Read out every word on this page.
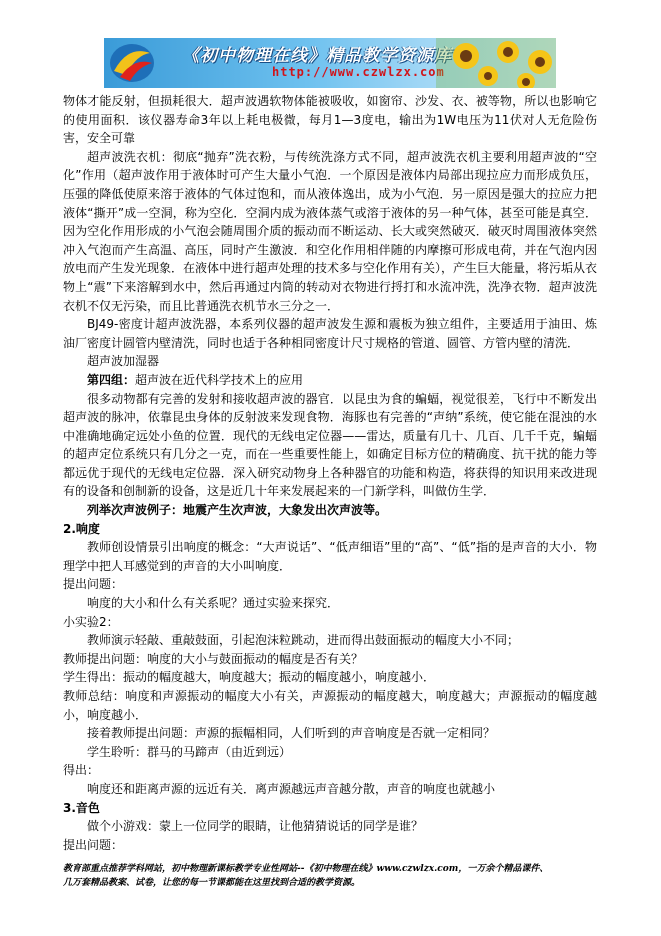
《初中物理在线》精品教学资源库
http://www.czwlzx.com

物体才能反射，但损耗很大．超声波遇软物体能被吸收，如窗帘、沙发、衣、被等物，所以也影响它的使用面积．该仪器寿命3年以上耗电极微，每月1—3度电，输出为1W电压为11伏对人无危险伤害，安全可靠

超声波洗衣机：彻底“抛弃”洗衣粉，与传统洗涤方式不同，超声波洗衣机主要利用超声波的“空化”作用（超声波作用于液体时可产生大量小气泡．一个原因是液体内局部出现拉应力而形成负压，压强的降低使原来溶于液体的气体过饱和，而从液体逸出，成为小气泡．另一原因是强大的拉应力把液体“撕开”成一空洞，称为空化．空洞内成为液体蒸气或溶于液体的另一种气体，甚至可能是真空．因为空化作用形成的小气泡会随周围介质的振动而不断运动、长大或突然破灭．破灭时周围液体突然冲入气泡而产生高温、高压，同时产生激波．和空化作用相伴随的内摩擦可形成电荷，并在气泡内因放电而产生发光现象．在液体中进行超声处理的技术多与空化作用有关），产生巨大能量，将污垢从衣物上“震”下来溶解到水中，然后再通过内筒的转动对衣物进行捋打和水流冲洗，洗净衣物．超声波洗衣机不仅无污染，而且比普通洗衣机节水三分之一．

BJ49-密度计超声波洗器，本系列仪器的超声波发生源和震板为独立组件，主要适用于油田、炼油厂密度计圆管内壁清洗，同时也适于各种相同密度计尺寸规格的管道、圆管、方管内壁的清洗．

超声波加湿器

第四组：超声波在近代科学技术上的应用

很多动物都有完善的发射和接收超声波的器官．以昆虫为食的蝙蝠，视觉很差，飞行中不断发出超声波的脉冲，依靠昆虫身体的反射波来发现食物．海豚也有完善的“声纳”系统，使它能在混浊的水中准确地确定远处小鱼的位置．现代的无线电定位器——雷达，质量有几十、几百、几千千克，蝙蝠的超声定位系统只有几分之一克，而在一些重要性能上，如确定目标方位的精确度、抗干扰的能力等都远优于现代的无线电定位器．深入研究动物身上各种器官的功能和构造，将获得的知识用来改进现有的设备和创制新的设备，这是近几十年来发展起来的一门新学科，叫做仿生学．

列举次声波例子：地震产生次声波，大象发出次声波等。

2.响度

教师创设情景引出响度的概念：“大声说话”、“低声细语”里的“高”、“低”指的是声音的大小．物理学中把人耳感觉到的声音的大小叫响度．

提出问题：

响度的大小和什么有关系呢？通过实验来探究．

小实验2：

教师演示轻敲、重敲鼓面，引起泡沫粒跳动，进而得出鼓面振动的幅度大小不同；

教师提出问题：响度的大小与鼓面振动的幅度是否有关？

学生得出：振动的幅度越大，响度越大；振动的幅度越小，响度越小．

教师总结：响度和声源振动的幅度大小有关，声源振动的幅度越大，响度越大；声源振动的幅度越小，响度越小．

接着教师提出问题：声源的振幅相同，人们听到的声音响度是否就一定相同？

学生聆听：群马的马蹄声（由近到远）

得出：

响度还和距离声源的远近有关．离声源越远声音越分散，声音的响度也就越小

3.音色

做个小游戏：蒙上一位同学的眼睛，让他猜猜说话的同学是谁？

提出问题：

教育部重点推荐学科网站，初中物理新课标教学专业性网站--《初中物理在线》www.czwlzx.com，一万余个精品课件、
几万套精品教案、试卷，让您的每一节课都能在这里找到合适的教学资源。
